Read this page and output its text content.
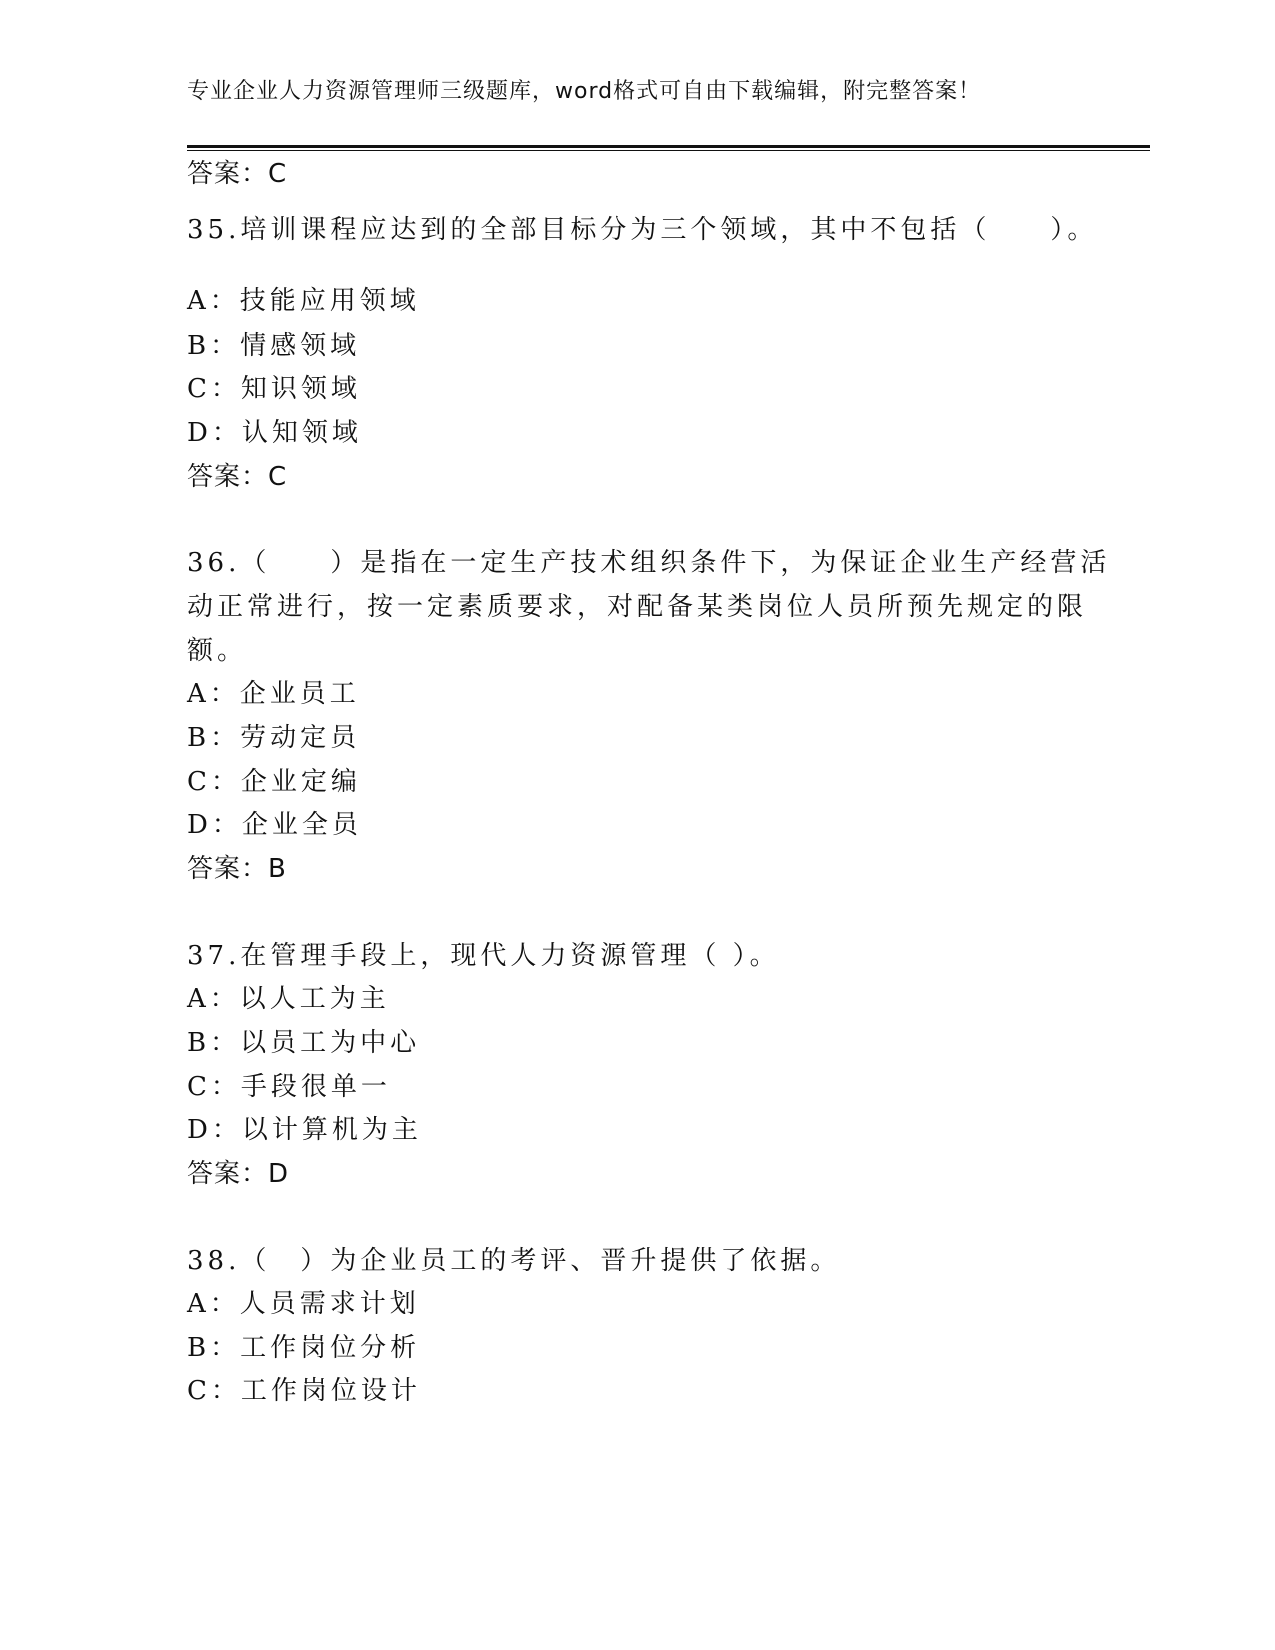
专业企业人力资源管理师三级题库，word格式可自由下载编辑，附完整答案！
答案：C
35.培训课程应达到的全部目标分为三个领域，其中不包括（　　）。
A：技能应用领域
B：情感领域
C：知识领域
D：认知领域
答案：C
36.（　　）是指在一定生产技术组织条件下，为保证企业生产经营活
动正常进行，按一定素质要求，对配备某类岗位人员所预先规定的限
额。
A：企业员工
B：劳动定员
C：企业定编
D：企业全员
答案：B
37.在管理手段上，现代人力资源管理（ ）。
A：以人工为主
B：以员工为中心
C：手段很单一
D：以计算机为主
答案：D
38.（　）为企业员工的考评、晋升提供了依据。
A：人员需求计划
B：工作岗位分析
C：工作岗位设计
